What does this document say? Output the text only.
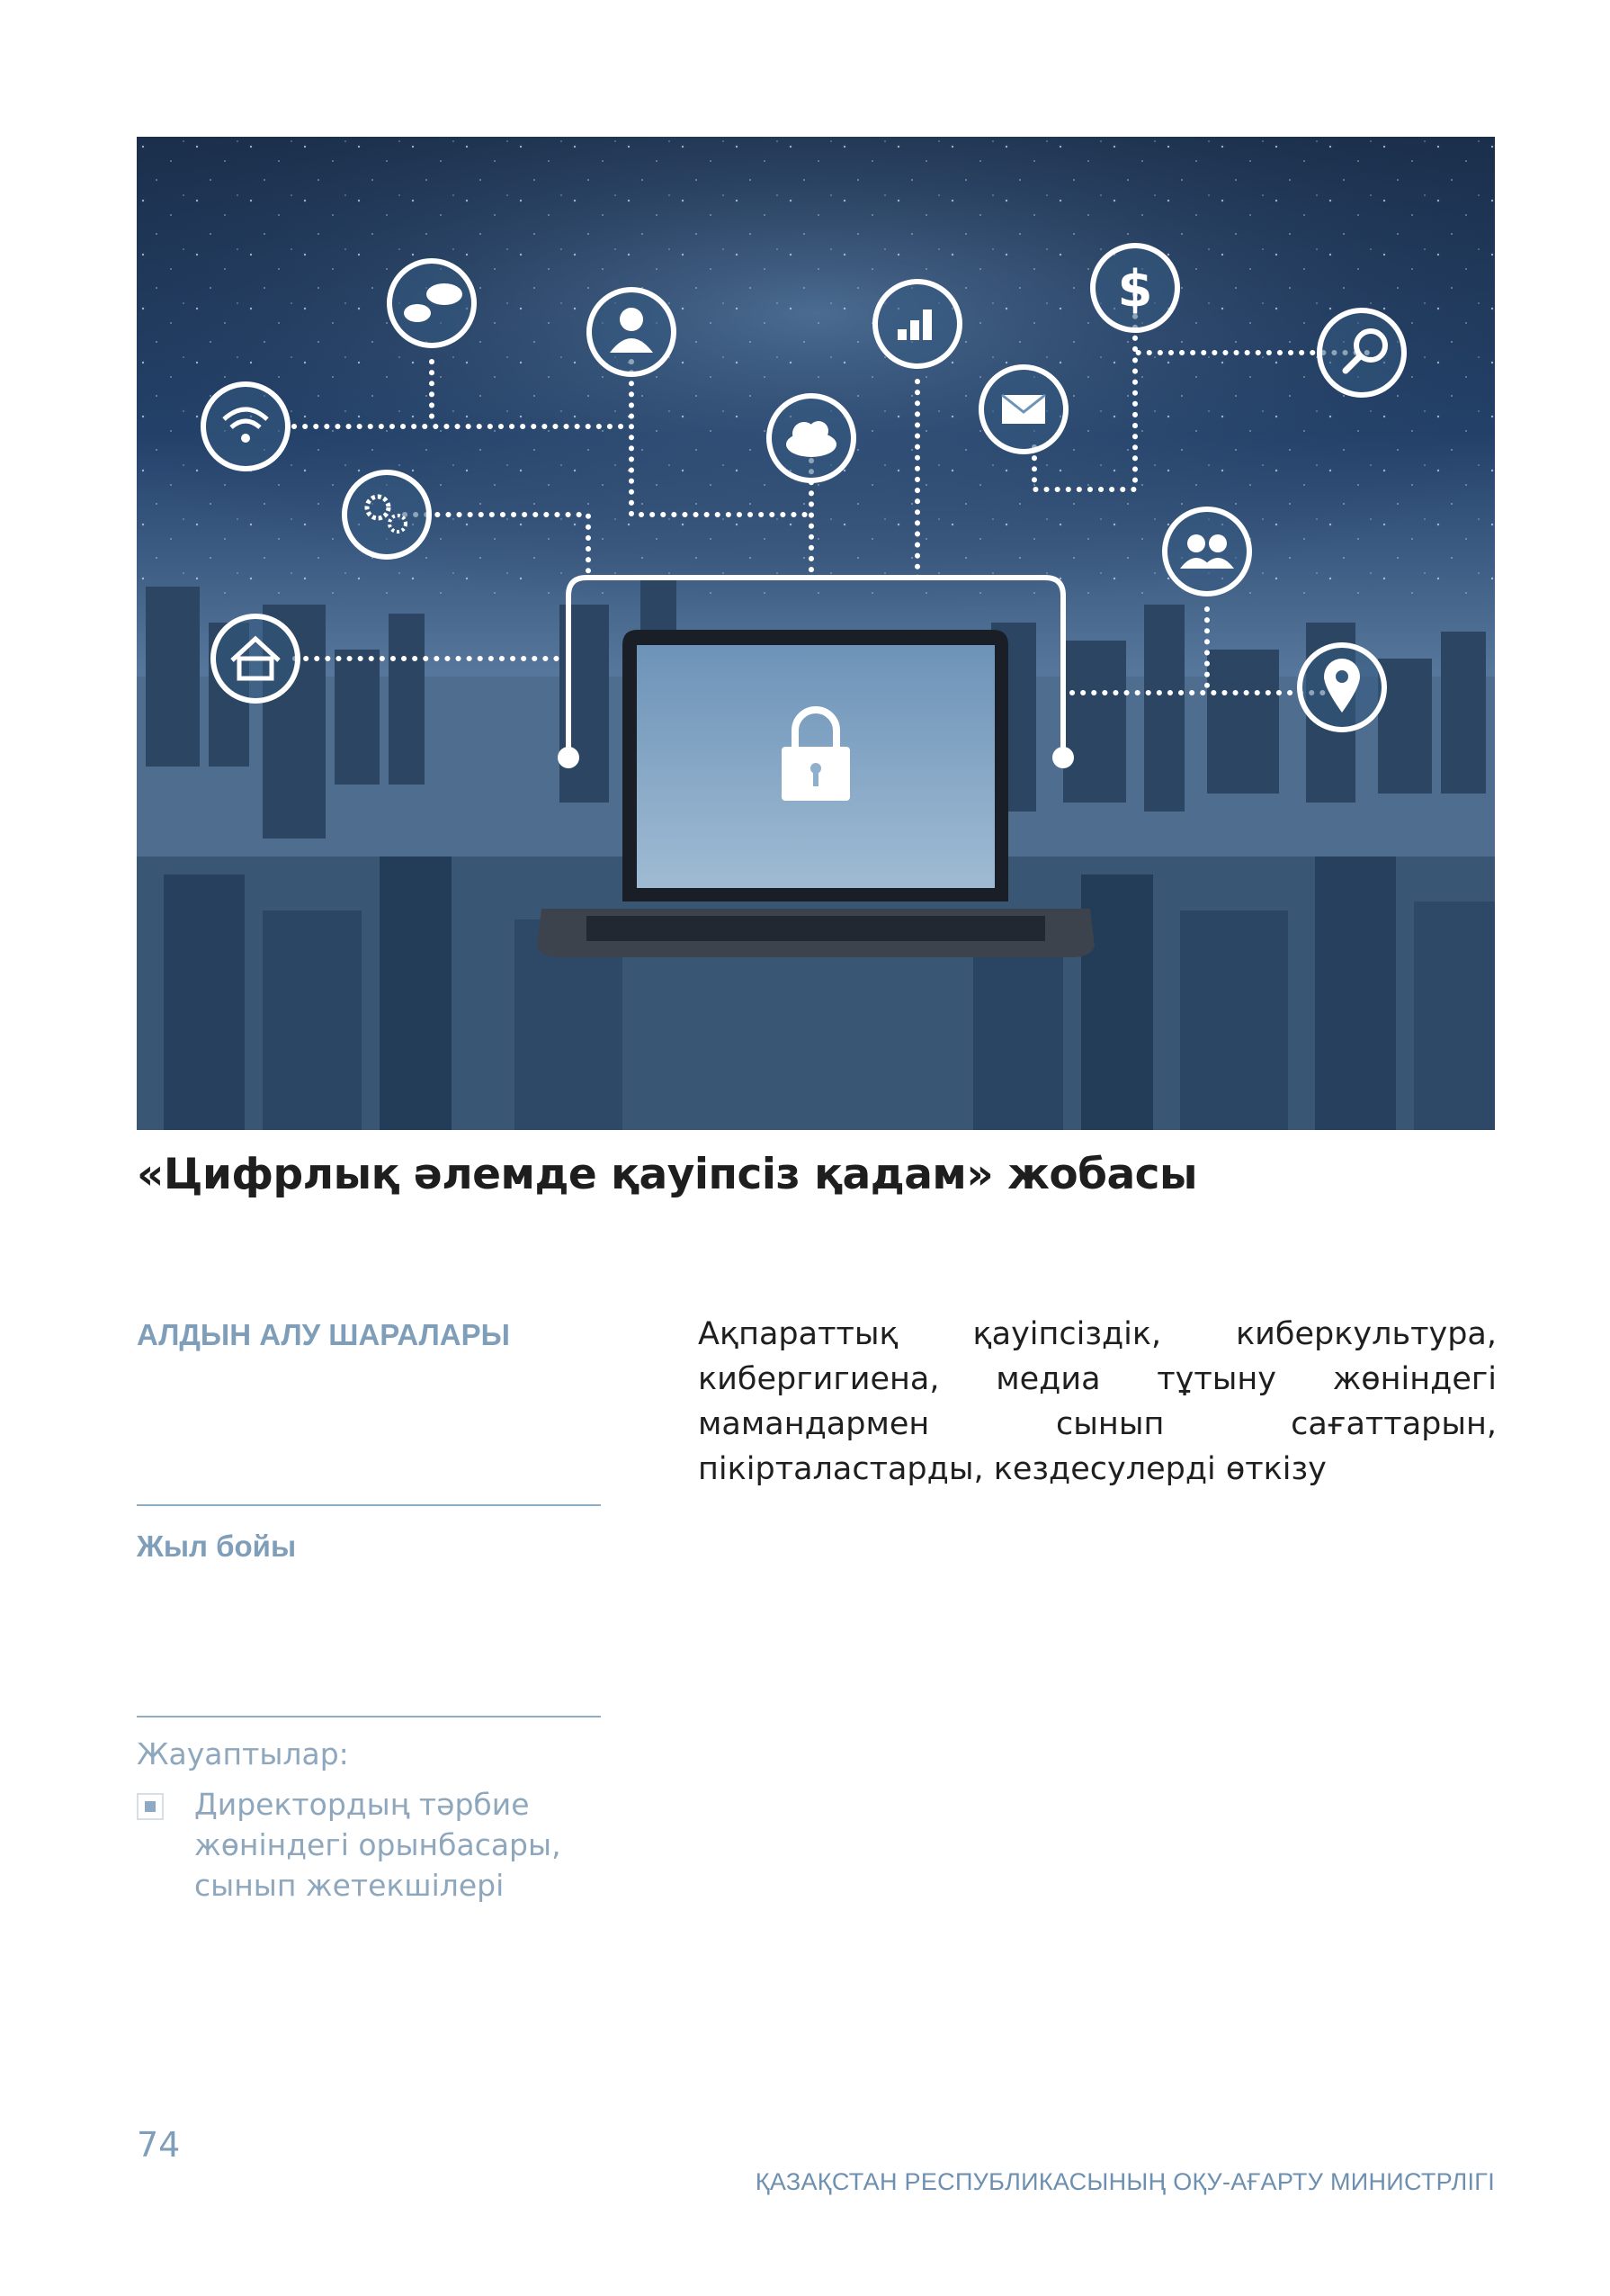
$
«Цифрлық әлемде қауіпсіз қадам» жобасы
АЛДЫН АЛУ ШАРАЛАРЫ
Жыл бойы
Ақпараттық қауіпсіздік, киберкультура, кибергигиена, медиа тұтыну жөніндегі мамандармен сынып сағаттарын, пікірталастарды, кездесулерді өткізу
Жауаптылар:
Директордың тәрбие жөніндегі орынбасары, сынып жетекшілері
74
ҚАЗАҚСТАН РЕСПУБЛИКАСЫНЫҢ ОҚУ-АҒАРТУ МИНИСТРЛІГІ
